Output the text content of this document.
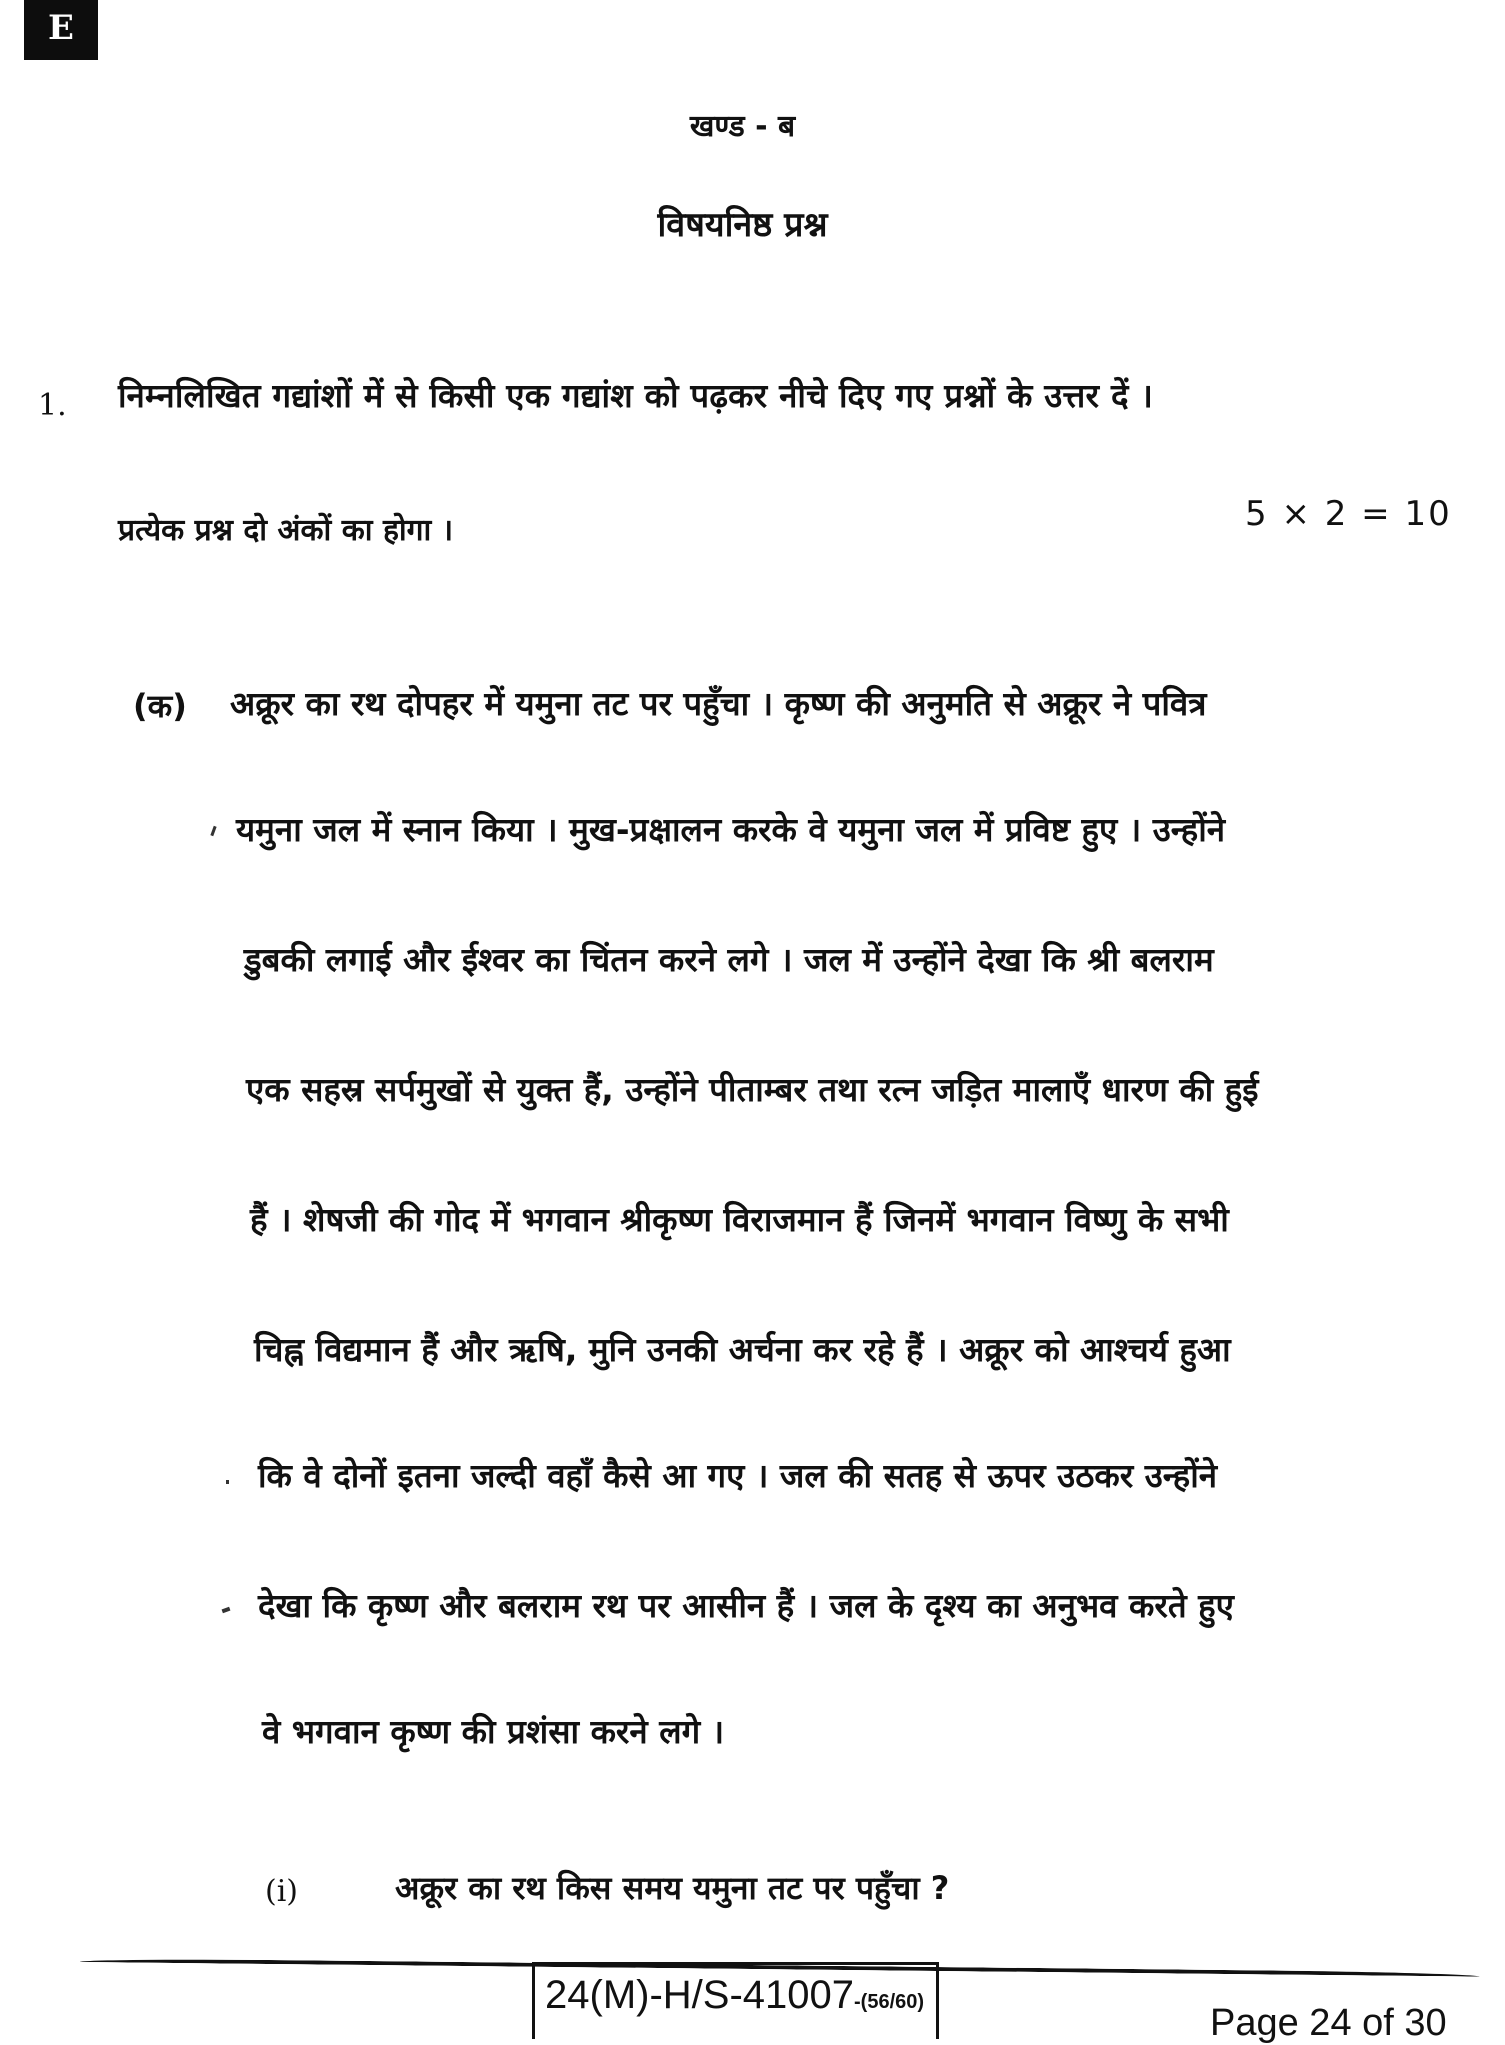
E
खण्ड - ब
विषयनिष्ठ प्रश्न
1. निम्नलिखित गद्यांशों में से किसी एक गद्यांश को पढ़कर नीचे दिए गए प्रश्नों के उत्तर दें ।
प्रत्येक प्रश्न दो अंकों का होगा ।	5 × 2 = 10
(क) अक्रूर का रथ दोपहर में यमुना तट पर पहुँचा । कृष्ण की अनुमति से अक्रूर ने पवित्र
यमुना जल में स्नान किया । मुख-प्रक्षालन करके वे यमुना जल में प्रविष्ट हुए । उन्होंने
डुबकी लगाई और ईश्वर का चिंतन करने लगे । जल में उन्होंने देखा कि श्री बलराम
एक सहस्र सर्पमुखों से युक्त हैं, उन्होंने पीताम्बर तथा रत्न जड़ित मालाएँ धारण की हुई
हैं । शेषजी की गोद में भगवान श्रीकृष्ण विराजमान हैं जिनमें भगवान विष्णु के सभी
चिह्न विद्यमान हैं और ऋषि, मुनि उनकी अर्चना कर रहे हैं । अक्रूर को आश्चर्य हुआ
कि वे दोनों इतना जल्दी वहाँ कैसे आ गए । जल की सतह से ऊपर उठकर उन्होंने
देखा कि कृष्ण और बलराम रथ पर आसीन हैं । जल के दृश्य का अनुभव करते हुए
वे भगवान कृष्ण की प्रशंसा करने लगे ।
(i)	अक्रूर का रथ किस समय यमुना तट पर पहुँचा ?
24(M)-H/S-41007-(56/60)	Page 24 of 30
